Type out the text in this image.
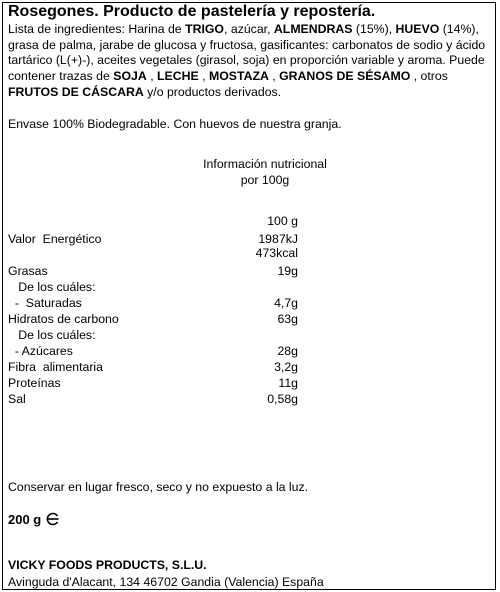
Rosegones. Producto de pastelería y repostería.
Lista de ingredientes: Harina de TRIGO, azúcar, ALMENDRAS (15%), HUEVO (14%), grasa de palma, jarabe de glucosa y fructosa, gasificantes: carbonatos de sodio y ácido tartárico (L(+)-), aceites vegetales (girasol, soja) en proporción variable y aroma. Puede contener trazas de SOJA , LECHE , MOSTAZA , GRANOS DE SÉSAMO , otros FRUTOS DE CÁSCARA y/o productos derivados.
Envase 100% Biodegradable. Con huevos de nuestra granja.
Información nutricional
por 100g
100 g
Valor  Energético	1987kJ
473kcal
Grasas	19g
De los cuáles:
-  Saturadas	4,7g
Hidratos de carbono	63g
De los cuáles:
- Azúcares	28g
Fibra  alimentaria	3,2g
Proteínas	11g
Sal	0,58g
Conservar en lugar fresco, seco y no expuesto a la luz.
200 g
VICKY FOODS PRODUCTS, S.L.U.
Avinguda d'Alacant, 134 46702 Gandia (Valencia) España
